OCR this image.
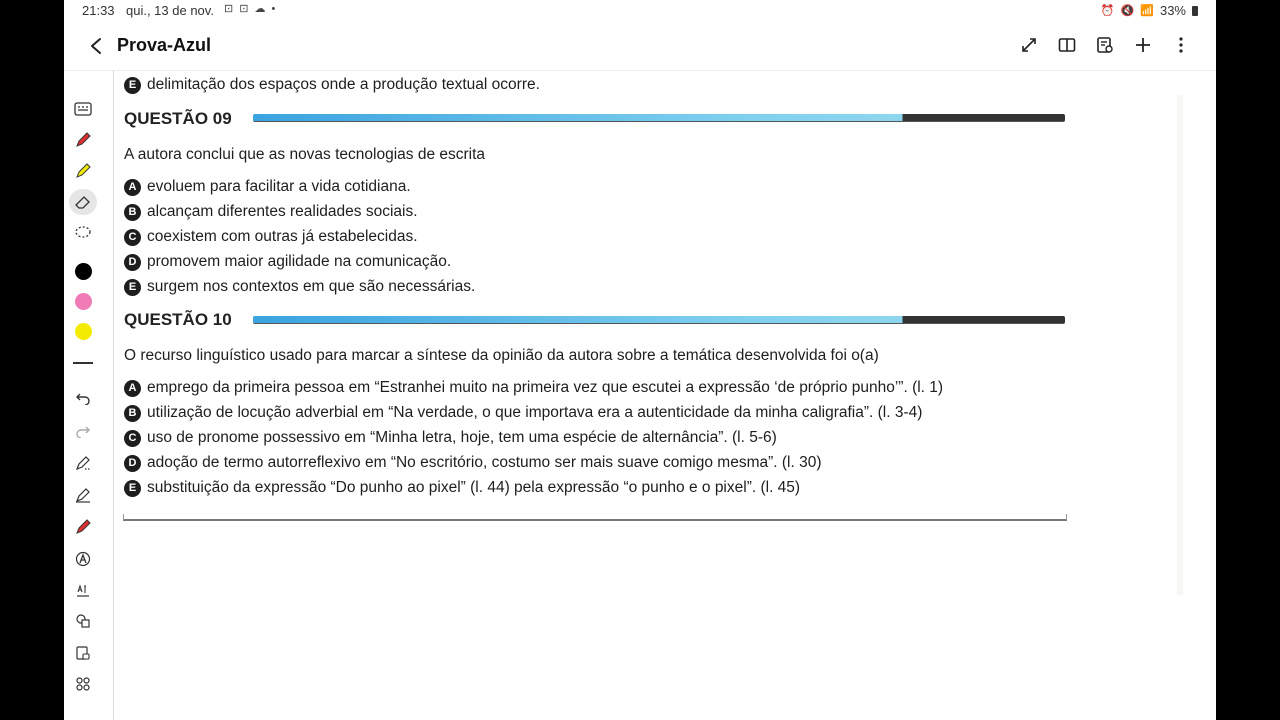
21:33 qui., 13 de nov. ⊡ ⊡ ☁ •	⏰ 🔇 📶 33%
Prova-Azul
E delimitação dos espaços onde a produção textual ocorre.
QUESTÃO 09
A autora conclui que as novas tecnologias de escrita
A evoluem para facilitar a vida cotidiana.
B alcançam diferentes realidades sociais.
C coexistem com outras já estabelecidas.
D promovem maior agilidade na comunicação.
E surgem nos contextos em que são necessárias.
QUESTÃO 10
O recurso linguístico usado para marcar a síntese da opinião da autora sobre a temática desenvolvida foi o(a)
A emprego da primeira pessoa em “Estranhei muito na primeira vez que escutei a expressão ‘de próprio punho’”. (l. 1)
B utilização de locução adverbial em “Na verdade, o que importava era a autenticidade da minha caligrafia”. (l. 3-4)
C uso de pronome possessivo em “Minha letra, hoje, tem uma espécie de alternância”. (l. 5-6)
D adoção de termo autorreflexivo em “No escritório, costumo ser mais suave comigo mesma”. (l. 30)
E substituição da expressão “Do punho ao pixel” (l. 44) pela expressão “o punho e o pixel”. (l. 45)
